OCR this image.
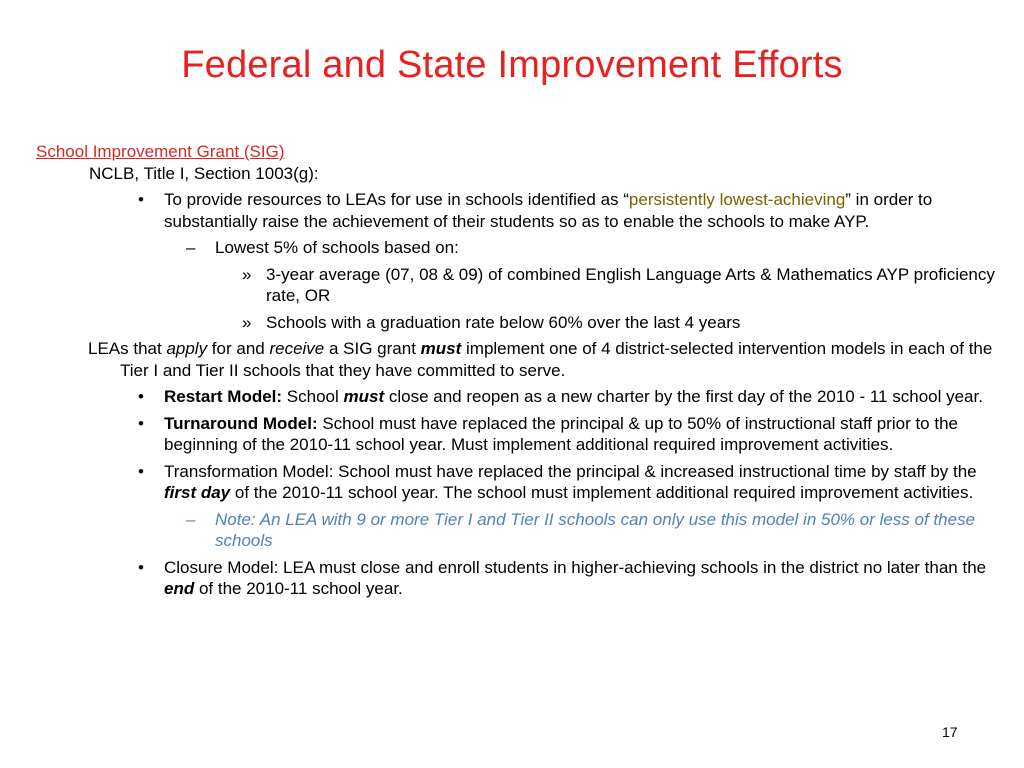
Federal and State Improvement Efforts
School Improvement Grant (SIG)
NCLB, Title I, Section 1003(g):
• To provide resources to LEAs for use in schools identified as “persistently lowest-achieving” in order to substantially raise the achievement of their students so as to enable the schools to make AYP.
– Lowest 5% of schools based on:
» 3-year average (07, 08 & 09) of combined English Language Arts & Mathematics AYP proficiency rate, OR
» Schools with a graduation rate below 60% over the last 4 years
LEAs that apply for and receive a SIG grant must implement one of 4 district-selected intervention models in each of the Tier I and Tier II schools that they have committed to serve.
• Restart Model: School must close and reopen as a new charter by the first day of the 2010 - 11 school year.
• Turnaround Model: School must have replaced the principal & up to 50% of instructional staff prior to the beginning of the 2010-11 school year. Must implement additional required improvement activities.
• Transformation Model: School must have replaced the principal & increased instructional time by staff by the first day of the 2010-11 school year. The school must implement additional required improvement activities.
– Note: An LEA with 9 or more Tier I and Tier II schools can only use this model in 50% or less of these schools
• Closure Model: LEA must close and enroll students in higher-achieving schools in the district no later than the end of the 2010-11 school year.
17
